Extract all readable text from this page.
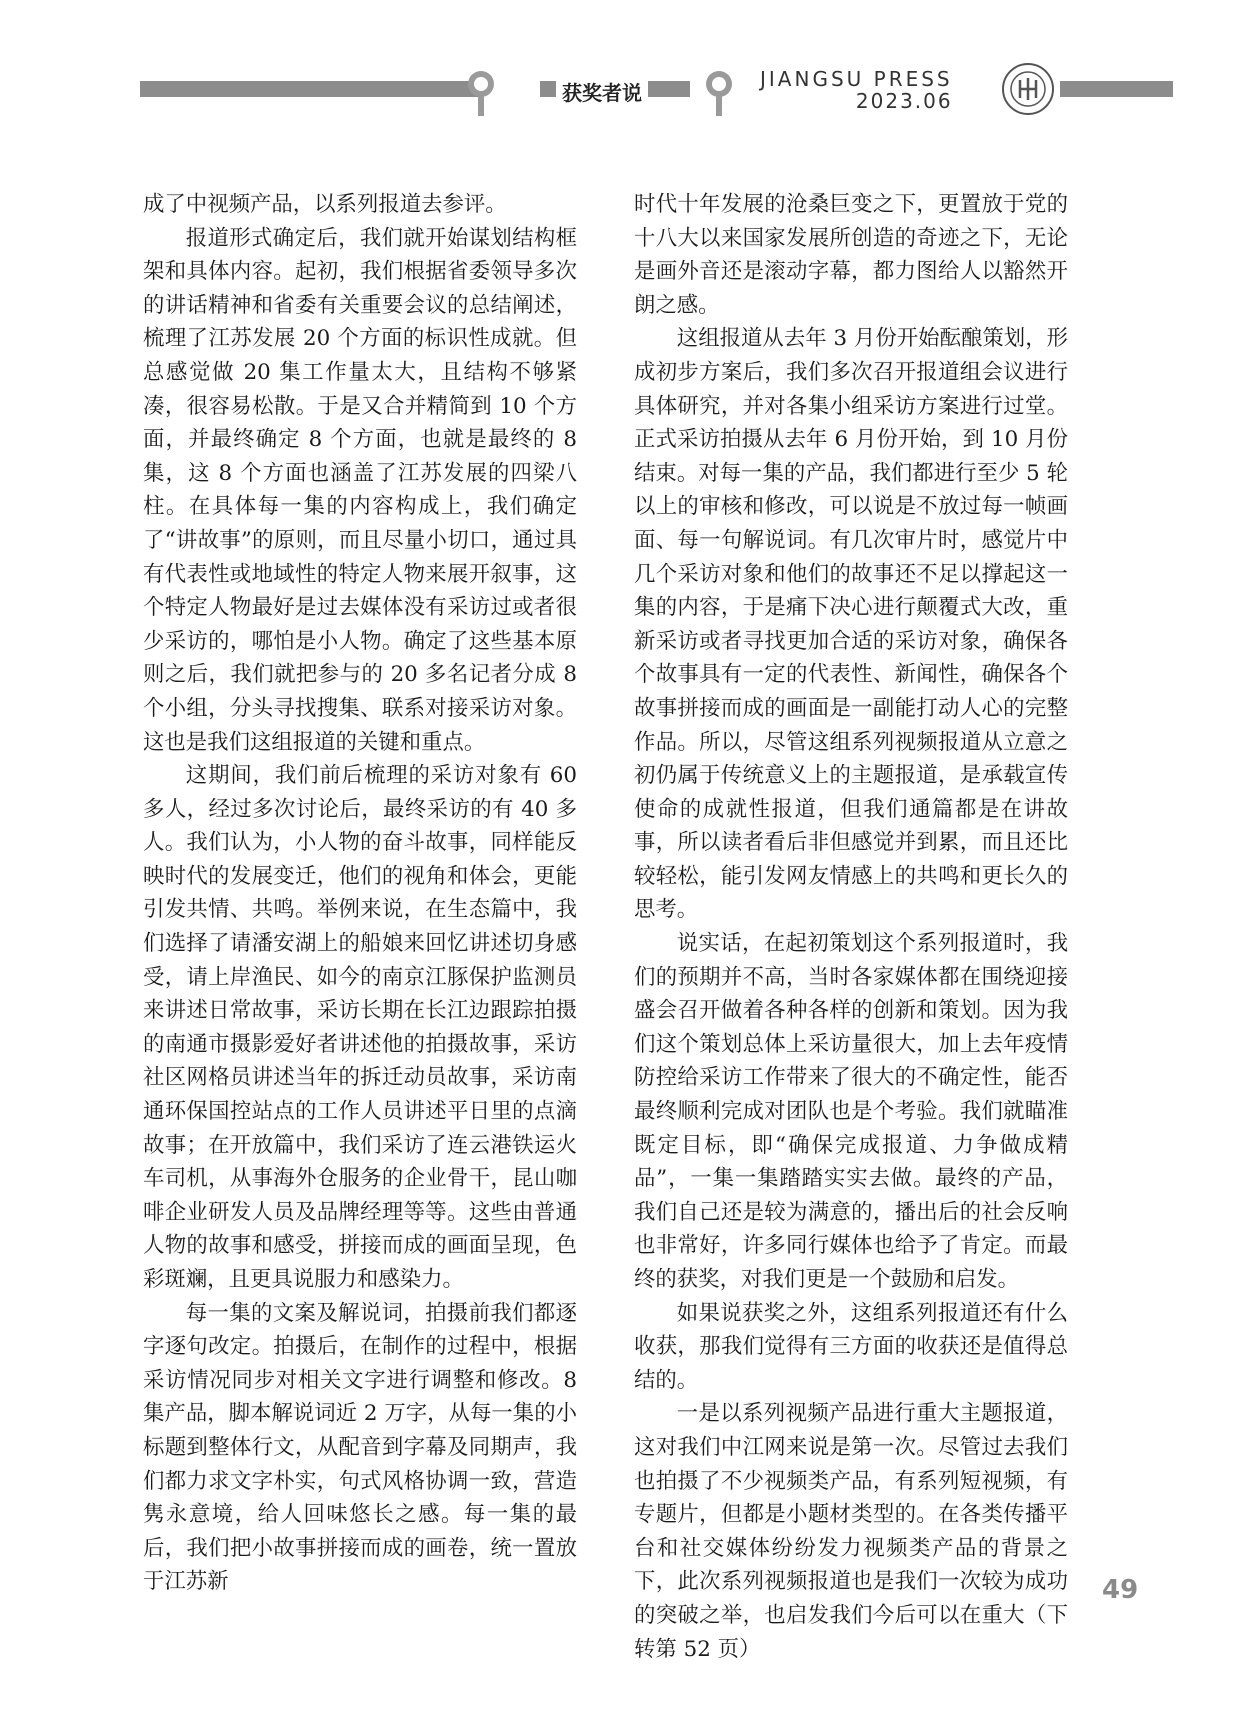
获奖者说
JIANGSU PRESS
2023.06

成了中视频产品，以系列报道去参评。

报道形式确定后，我们就开始谋划结构框架和具体内容。起初，我们根据省委领导多次的讲话精神和省委有关重要会议的总结阐述，梳理了江苏发展 20 个方面的标识性成就。但总感觉做 20 集工作量太大，且结构不够紧凑，很容易松散。于是又合并精简到 10 个方面，并最终确定 8 个方面，也就是最终的 8 集，这 8 个方面也涵盖了江苏发展的四梁八柱。在具体每一集的内容构成上，我们确定了“讲故事”的原则，而且尽量小切口，通过具有代表性或地域性的特定人物来展开叙事，这个特定人物最好是过去媒体没有采访过或者很少采访的，哪怕是小人物。确定了这些基本原则之后，我们就把参与的 20 多名记者分成 8 个小组，分头寻找搜集、联系对接采访对象。这也是我们这组报道的关键和重点。

这期间，我们前后梳理的采访对象有 60 多人，经过多次讨论后，最终采访的有 40 多人。我们认为，小人物的奋斗故事，同样能反映时代的发展变迁，他们的视角和体会，更能引发共情、共鸣。举例来说，在生态篇中，我们选择了请潘安湖上的船娘来回忆讲述切身感受，请上岸渔民、如今的南京江豚保护监测员来讲述日常故事，采访长期在长江边跟踪拍摄的南通市摄影爱好者讲述他的拍摄故事，采访社区网格员讲述当年的拆迁动员故事，采访南通环保国控站点的工作人员讲述平日里的点滴故事；在开放篇中，我们采访了连云港铁运火车司机，从事海外仓服务的企业骨干，昆山咖啡企业研发人员及品牌经理等等。这些由普通人物的故事和感受，拼接而成的画面呈现，色彩斑斓，且更具说服力和感染力。

每一集的文案及解说词，拍摄前我们都逐字逐句改定。拍摄后，在制作的过程中，根据采访情况同步对相关文字进行调整和修改。8 集产品，脚本解说词近 2 万字，从每一集的小标题到整体行文，从配音到字幕及同期声，我们都力求文字朴实，句式风格协调一致，营造隽永意境，给人回味悠长之感。每一集的最后，我们把小故事拼接而成的画卷，统一置放于江苏新

时代十年发展的沧桑巨变之下，更置放于党的十八大以来国家发展所创造的奇迹之下，无论是画外音还是滚动字幕，都力图给人以豁然开朗之感。

这组报道从去年 3 月份开始酝酿策划，形成初步方案后，我们多次召开报道组会议进行具体研究，并对各集小组采访方案进行过堂。正式采访拍摄从去年 6 月份开始，到 10 月份结束。对每一集的产品，我们都进行至少 5 轮以上的审核和修改，可以说是不放过每一帧画面、每一句解说词。有几次审片时，感觉片中几个采访对象和他们的故事还不足以撑起这一集的内容，于是痛下决心进行颠覆式大改，重新采访或者寻找更加合适的采访对象，确保各个故事具有一定的代表性、新闻性，确保各个故事拼接而成的画面是一副能打动人心的完整作品。所以，尽管这组系列视频报道从立意之初仍属于传统意义上的主题报道，是承载宣传使命的成就性报道，但我们通篇都是在讲故事，所以读者看后非但感觉并到累，而且还比较轻松，能引发网友情感上的共鸣和更长久的思考。

说实话，在起初策划这个系列报道时，我们的预期并不高，当时各家媒体都在围绕迎接盛会召开做着各种各样的创新和策划。因为我们这个策划总体上采访量很大，加上去年疫情防控给采访工作带来了很大的不确定性，能否最终顺利完成对团队也是个考验。我们就瞄准既定目标，即“确保完成报道、力争做成精品”，一集一集踏踏实实去做。最终的产品，我们自己还是较为满意的，播出后的社会反响也非常好，许多同行媒体也给予了肯定。而最终的获奖，对我们更是一个鼓励和启发。

如果说获奖之外，这组系列报道还有什么收获，那我们觉得有三方面的收获还是值得总结的。

一是以系列视频产品进行重大主题报道，这对我们中江网来说是第一次。尽管过去我们也拍摄了不少视频类产品，有系列短视频，有专题片，但都是小题材类型的。在各类传播平台和社交媒体纷纷发力视频类产品的背景之下，此次系列视频报道也是我们一次较为成功的突破之举，也启发我们今后可以在重大（下转第 52 页）

49
